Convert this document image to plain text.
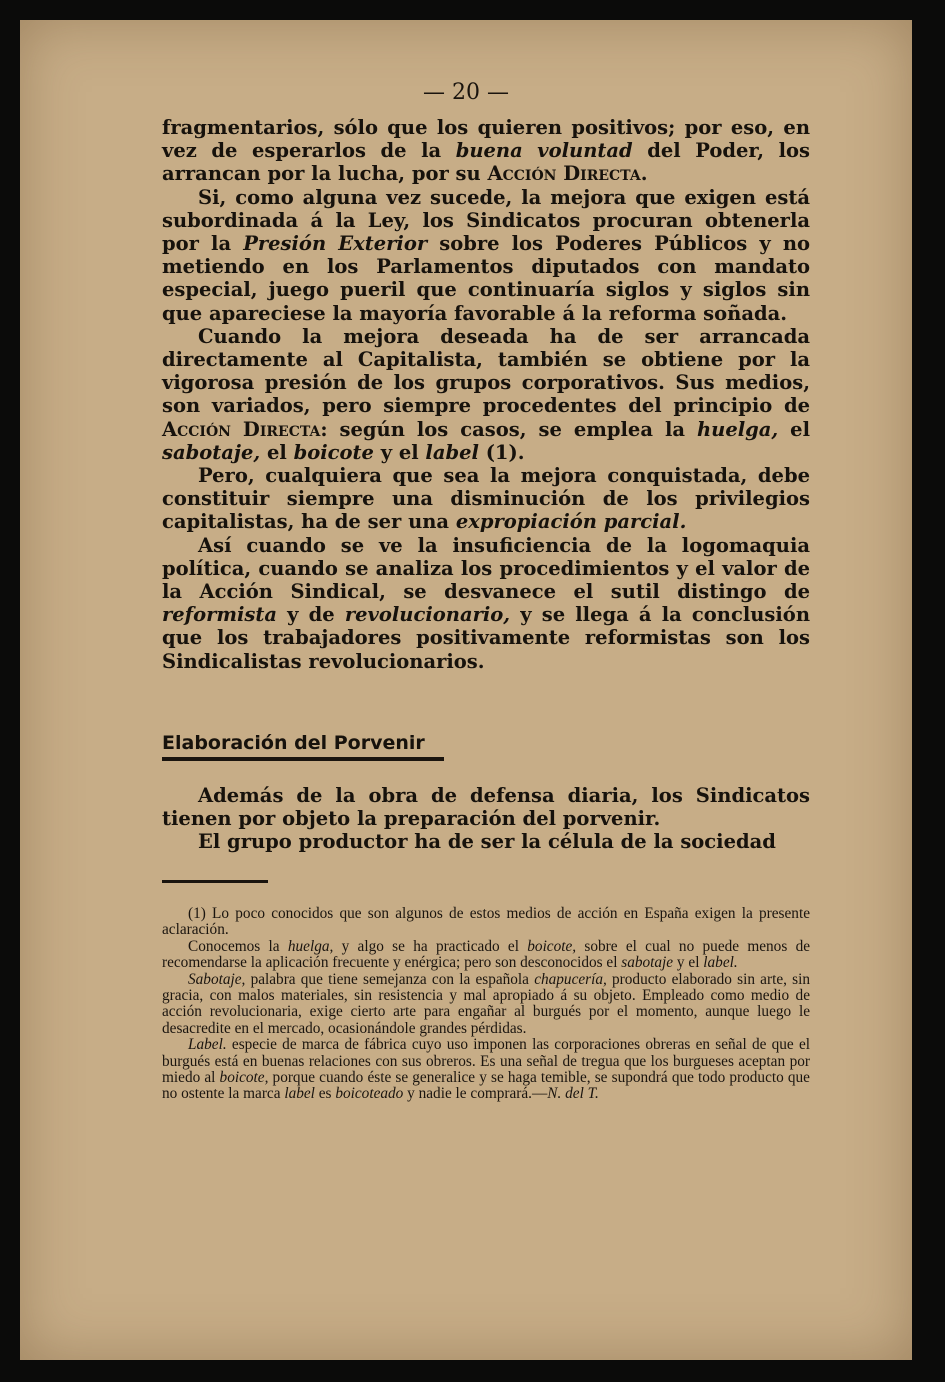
— 20 —

fragmentarios, sólo que los quieren positivos; por eso, en vez de esperarlos de la buena voluntad del Poder, los arrancan por la lucha, por su Acción Directa.

Si, como alguna vez sucede, la mejora que exigen está subordinada á la Ley, los Sindicatos procuran obtenerla por la Presión Exterior sobre los Poderes Públicos y no metiendo en los Parlamentos diputados con mandato especial, juego pueril que continuaría siglos y siglos sin que apareciese la mayoría favorable á la reforma soñada.

Cuando la mejora deseada ha de ser arrancada directamente al Capitalista, también se obtiene por la vigorosa presión de los grupos corporativos. Sus medios, son variados, pero siempre procedentes del principio de Acción Directa: según los casos, se emplea la huelga, el sabotaje, el boicote y el label (1).

Pero, cualquiera que sea la mejora conquistada, debe constituir siempre una disminución de los privilegios capitalistas, ha de ser una expropiación parcial.

Así cuando se ve la insuficiencia de la logomaquia política, cuando se analiza los procedimientos y el valor de la Acción Sindical, se desvanece el sutil distingo de reformista y de revolucionario, y se llega á la conclusión que los trabajadores positivamente reformistas son los Sindicalistas revolucionarios.

Elaboración del Porvenir

Además de la obra de defensa diaria, los Sindicatos tienen por objeto la preparación del porvenir.

El grupo productor ha de ser la célula de la sociedad

(1) Lo poco conocidos que son algunos de estos medios de acción en España exigen la presente aclaración.

Conocemos la huelga, y algo se ha practicado el boicote, sobre el cual no puede menos de recomendarse la aplicación frecuente y enérgica; pero son desconocidos el sabotaje y el label.

Sabotaje, palabra que tiene semejanza con la española chapucería, producto elaborado sin arte, sin gracia, con malos materiales, sin resistencia y mal apropiado á su objeto. Empleado como medio de acción revolucionaria, exige cierto arte para engañar al burgués por el momento, aunque luego le desacredite en el mercado, ocasionándole grandes pérdidas.

Label. especie de marca de fábrica cuyo uso imponen las corporaciones obreras en señal de que el burgués está en buenas relaciones con sus obreros. Es una señal de tregua que los burgueses aceptan por miedo al boicote, porque cuando éste se generalice y se haga temible, se supondrá que todo producto que no ostente la marca label es boicoteado y nadie le comprará.—N. del T.
